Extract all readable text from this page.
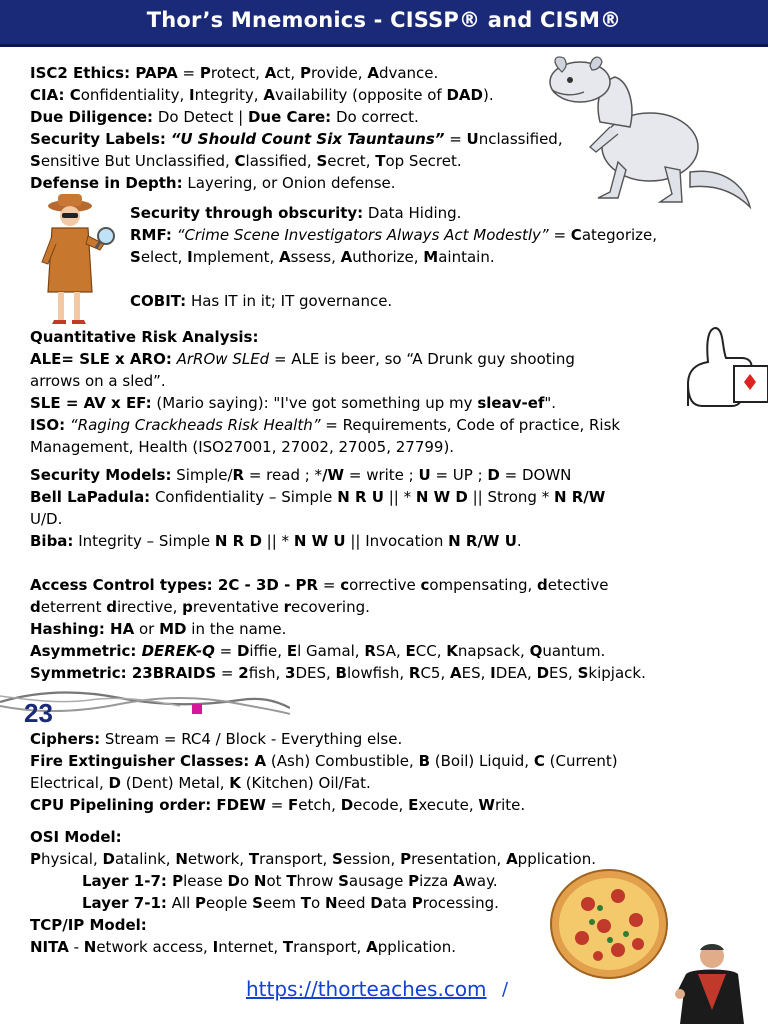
Thor’s Mnemonics - CISSP® and CISM®
ISC2 Ethics: PAPA = Protect, Act, Provide, Advance.
CIA: Confidentiality, Integrity, Availability (opposite of DAD).
Due Diligence: Do Detect | Due Care: Do correct.
Security Labels: “U Should Count Six Tauntauns” = Unclassified,
Sensitive But Unclassified, Classified, Secret, Top Secret.
Defense in Depth: Layering, or Onion defense.
Security through obscurity: Data Hiding.
RMF: “Crime Scene Investigators Always Act Modestly” = Categorize,
Select, Implement, Assess, Authorize, Maintain.
COBIT: Has IT in it; IT governance.
Quantitative Risk Analysis:
ALE= SLE x ARO: ArROw SLEd = ALE is beer, so “A Drunk guy shooting
arrows on a sled”.
SLE = AV x EF: (Mario saying): "I've got something up my sleav-ef".
ISO: “Raging Crackheads Risk Health” = Requirements, Code of practice, Risk
Management, Health (ISO27001, 27002, 27005, 27799).
Security Models: Simple/R = read ; */W = write ; U = UP ; D = DOWN
Bell LaPadula: Confidentiality – Simple N R U || * N W D || Strong * N R/W
U/D.
Biba: Integrity – Simple N R D || * N W U || Invocation N R/W U.
Access Control types: 2C - 3D - PR = corrective compensating, detective
deterrent directive, preventative recovering.
Hashing: HA or MD in the name.
Asymmetric: DEREK-Q = Diffie, El Gamal, RSA, ECC, Knapsack, Quantum.
Symmetric: 23BRAIDS = 2fish, 3DES, Blowfish, RC5, AES, IDEA, DES, Skipjack.
Ciphers: Stream = RC4 / Block - Everything else.
Fire Extinguisher Classes: A (Ash) Combustible, B (Boil) Liquid, C (Current)
Electrical, D (Dent) Metal, K (Kitchen) Oil/Fat.
CPU Pipelining order: FDEW = Fetch, Decode, Execute, Write.
OSI Model:
Physical, Datalink, Network, Transport, Session, Presentation, Application.
Layer 1-7: Please Do Not Throw Sausage Pizza Away.
Layer 7-1: All People Seem To Need Data Processing.
TCP/IP Model:
NITA - Network access, Internet, Transport, Application.
23
https://thorteaches.com /
